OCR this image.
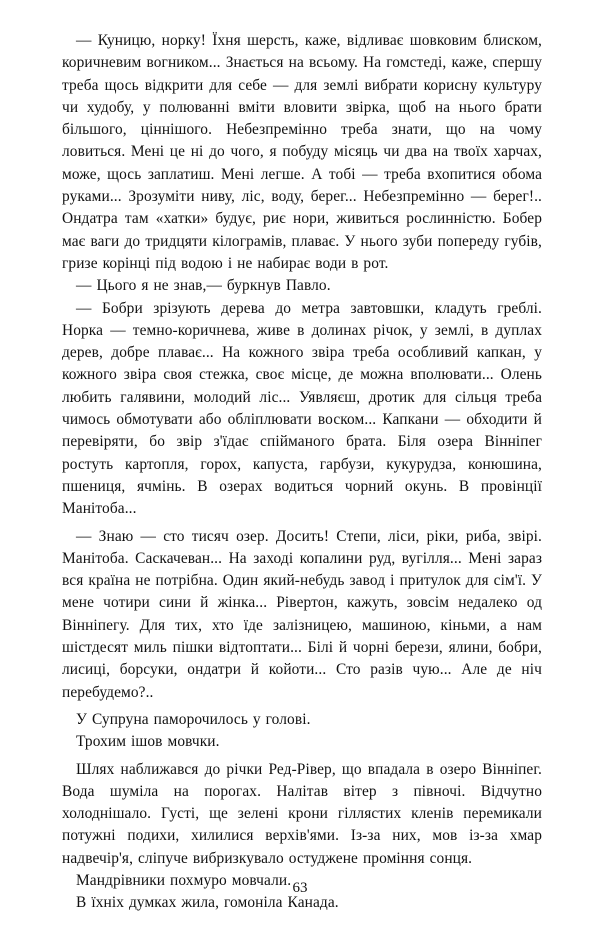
— Куницю, норку! Їхня шерсть, каже, відливає шовковим блиском, коричневим вогником... Знається на всьому. На гомстеді, каже, спершу треба щось відкрити для себе — для землі вибрати корисну культуру чи худобу, у полюванні вміти вловити звірка, щоб на нього брати більшого, ціннішого. Небезпремінно треба знати, що на чому ловиться. Мені це ні до чого, я побуду місяць чи два на твоїх харчах, може, щось заплатиш. Мені легше. А тобі — треба вхопитися обома руками... Зрозуміти ниву, ліс, воду, берег... Небезпремінно — берег!.. Ондатра там «хатки» будує, риє нори, живиться рослинністю. Бобер має ваги до тридцяти кілограмів, плаває. У нього зуби попереду губів, гризе корінці під водою і не набирає води в рот.

— Цього я не знав,— буркнув Павло.

— Бобри зрізують дерева до метра завтовшки, кладуть греблі. Норка — темно-коричнева, живе в долинах річок, у землі, в дуплах дерев, добре плаває... На кожного звіра треба особливий капкан, у кожного звіра своя стежка, своє місце, де можна вполювати... Олень любить галявини, молодий ліс... Уявляєш, дротик для сільця треба чимось обмотувати або обліплювати воском... Капкани — обходити й перевіряти, бо звір з'їдає спійманого брата. Біля озера Вінніпег ростуть картопля, горох, капуста, гарбузи, кукурудза, конюшина, пшениця, ячмінь. В озерах водиться чорний окунь. В провінції Манітоба...

— Знаю — сто тисяч озер. Досить! Степи, ліси, ріки, риба, звірі. Манітоба. Саскачеван... На заході копалини руд, вугілля... Мені зараз вся країна не потрібна. Один який-небудь завод і притулок для сім'ї. У мене чотири сини й жінка... Рівертон, кажуть, зовсім недалеко од Вінніпегу. Для тих, хто їде залізницею, машиною, кіньми, а нам шістдесят миль пішки відтоптати... Білі й чорні берези, ялини, бобри, лисиці, борсуки, ондатри й койоти... Сто разів чую... Але де ніч перебудемо?..

У Супруна паморочилось у голові.

Трохим ішов мовчки.

Шлях наближався до річки Ред-Рівер, що впадала в озеро Вінніпег. Вода шуміла на порогах. Налітав вітер з півночі. Відчутно холоднішало. Густі, ще зелені крони гіллястих кленів перемикали потужні подихи, хилилися верхів'ями. Із-за них, мов із-за хмар надвечір'я, сліпуче вибризкувало остуджене проміння сонця.

Мандрівники похмуро мовчали.

В їхніх думках жила, гомоніла Канада.

63
